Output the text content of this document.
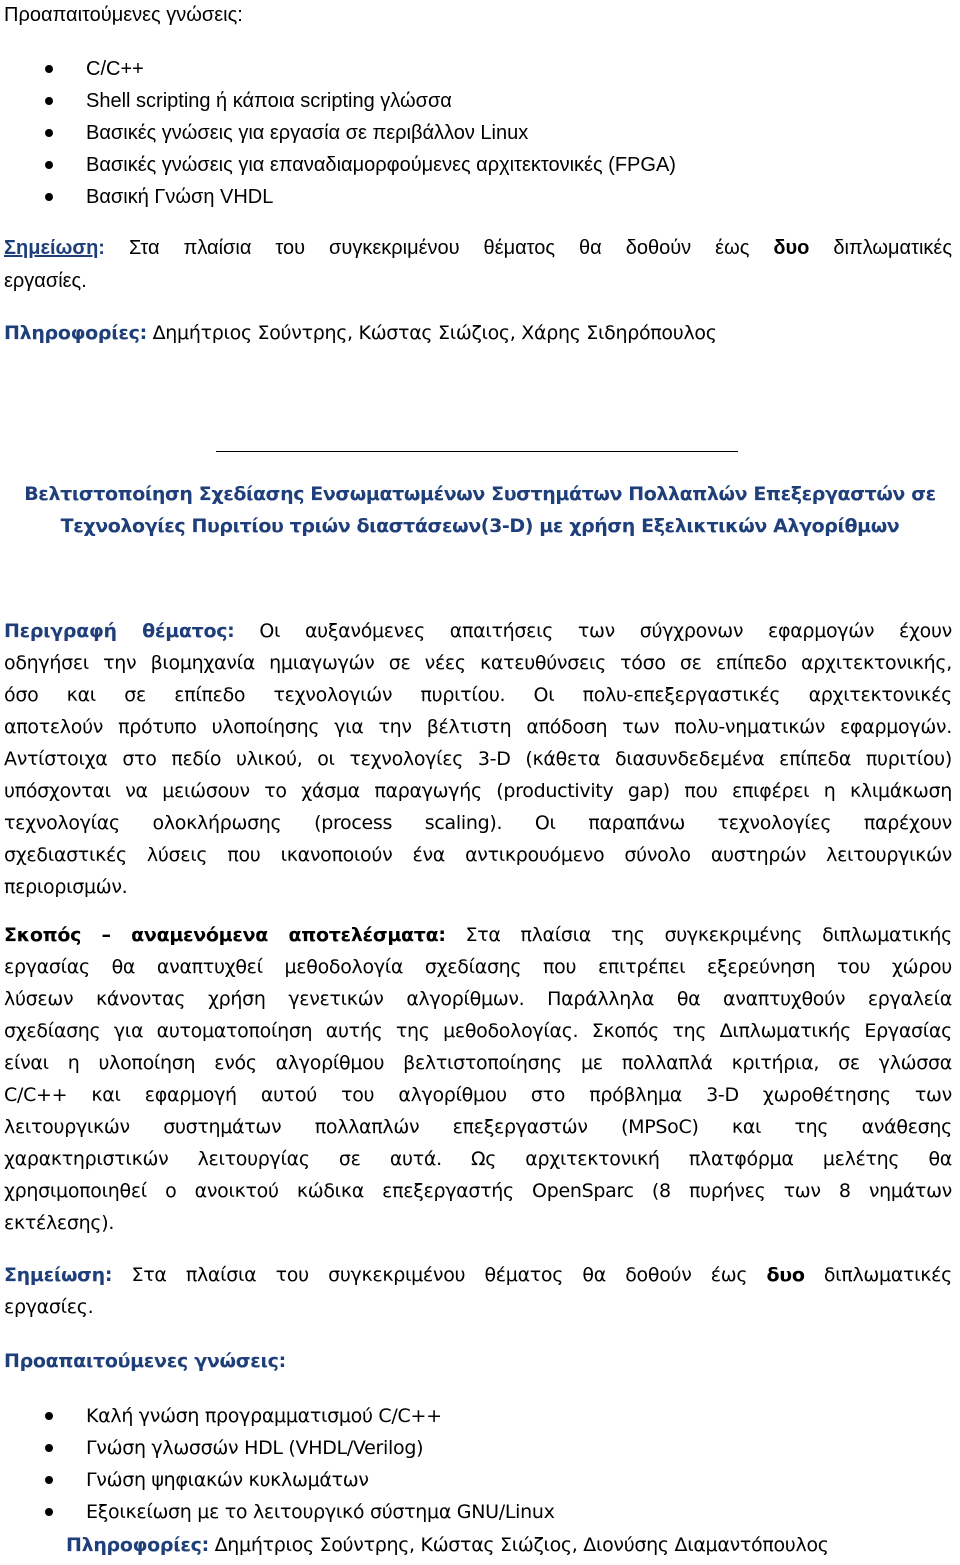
Προαπαιτούμενες γνώσεις:
C/C++
Shell scripting ή κάποια scripting γλώσσα
Βασικές γνώσεις για εργασία σε περιβάλλον Linux
Βασικές γνώσεις για επαναδιαμορφούμενες αρχιτεκτονικές (FPGA)
Βασική Γνώση VHDL
Σημείωση: Στα πλαίσια του συγκεκριμένου θέματος θα δοθούν έως δυο διπλωματικές
εργασίες.
Πληροφορίες: Δημήτριος Σούντρης, Κώστας Σιώζιος, Χάρης Σιδηρόπουλος
Βελτιστοποίηση Σχεδίασης Ενσωματωμένων Συστημάτων Πολλαπλών Επεξεργαστών σε
Τεχνολογίες Πυριτίου τριών διαστάσεων(3-D) με χρήση Εξελικτικών Αλγορίθμων
Περιγραφή θέματος: Οι αυξανόμενες απαιτήσεις των σύγχρονων εφαρμογών έχουν
οδηγήσει την βιομηχανία ημιαγωγών σε νέες κατευθύνσεις τόσο σε επίπεδο αρχιτεκτονικής,
όσο και σε επίπεδο τεχνολογιών πυριτίου. Οι πολυ-επεξεργαστικές αρχιτεκτονικές
αποτελούν πρότυπο υλοποίησης για την βέλτιστη απόδοση των πολυ-νηματικών εφαρμογών.
Αντίστοιχα στο πεδίο υλικού, οι τεχνολογίες 3-D (κάθετα διασυνδεδεμένα επίπεδα πυριτίου)
υπόσχονται να μειώσουν το χάσμα παραγωγής (productivity gap) που επιφέρει η κλιμάκωση
τεχνολογίας ολοκλήρωσης (process scaling). Οι παραπάνω τεχνολογίες παρέχουν
σχεδιαστικές λύσεις που ικανοποιούν ένα αντικρουόμενο σύνολο αυστηρών λειτουργικών
περιορισμών.
Σκοπός – αναμενόμενα αποτελέσματα: Στα πλαίσια της συγκεκριμένης διπλωματικής
εργασίας θα αναπτυχθεί μεθοδολογία σχεδίασης που επιτρέπει εξερεύνηση του χώρου
λύσεων κάνοντας χρήση γενετικών αλγορίθμων. Παράλληλα θα αναπτυχθούν εργαλεία
σχεδίασης για αυτοματοποίηση αυτής της μεθοδολογίας. Σκοπός της Διπλωματικής Εργασίας
είναι η υλοποίηση ενός αλγορίθμου βελτιστοποίησης με πολλαπλά κριτήρια, σε γλώσσα
C/C++ και εφαρμογή αυτού του αλγορίθμου στο πρόβλημα 3-D χωροθέτησης των
λειτουργικών συστημάτων πολλαπλών επεξεργαστών (MPSoC) και της ανάθεσης
χαρακτηριστικών λειτουργίας σε αυτά. Ως αρχιτεκτονική πλατφόρμα μελέτης θα
χρησιμοποιηθεί ο ανοικτού κώδικα επεξεργαστής OpenSparc (8 πυρήνες των 8 νημάτων
εκτέλεσης).
Σημείωση: Στα πλαίσια του συγκεκριμένου θέματος θα δοθούν έως δυο διπλωματικές
εργασίες.
Προαπαιτούμενες γνώσεις:
Καλή γνώση προγραμματισμού C/C++
Γνώση γλωσσών HDL (VHDL/Verilog)
Γνώση ψηφιακών κυκλωμάτων
Εξοικείωση με το λειτουργικό σύστημα GNU/Linux
Πληροφορίες: Δημήτριος Σούντρης, Κώστας Σιώζιος, Διονύσης Διαμαντόπουλος
